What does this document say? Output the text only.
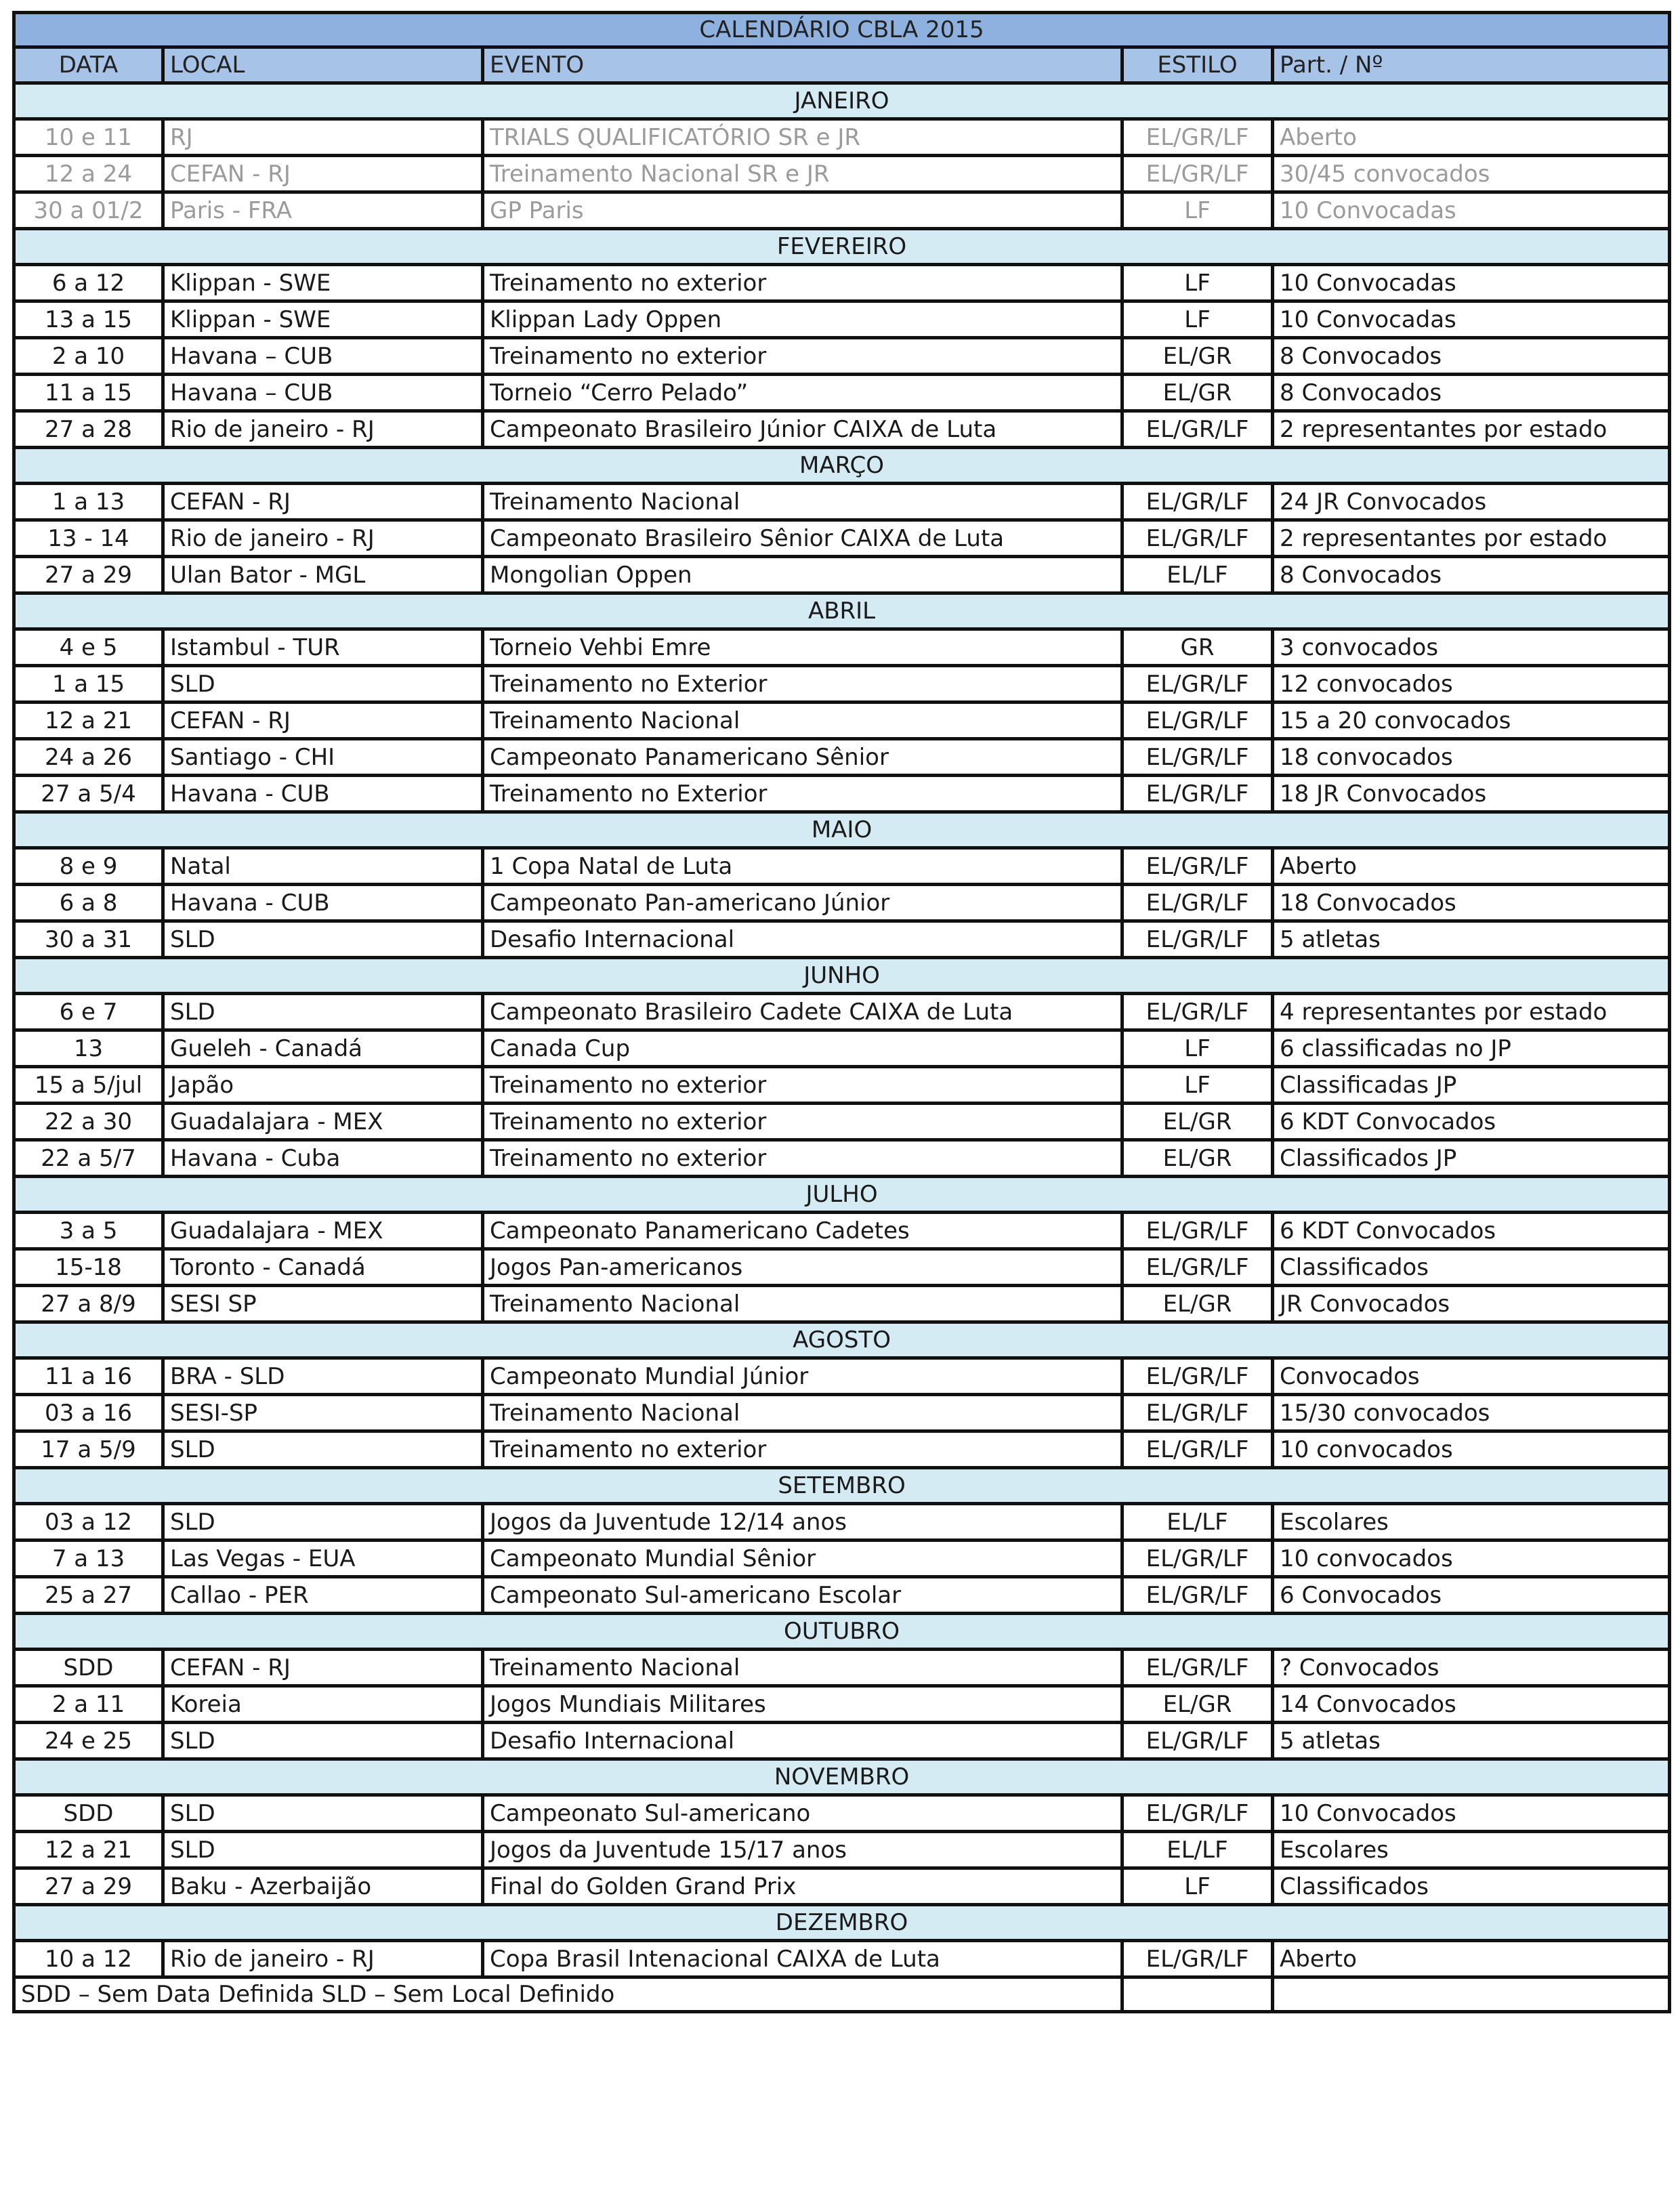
CALENDÁRIO CBLA 2015				
DATA	LOCAL	EVENTO	ESTILO	Part. / Nº
JANEIRO				
10 e 11	RJ	TRIALS QUALIFICATÓRIO SR e JR	EL/GR/LF	Aberto
12 a 24	CEFAN - RJ	Treinamento Nacional SR e JR	EL/GR/LF	30/45 convocados
30 a 01/2	Paris - FRA	GP Paris	LF	10 Convocadas
FEVEREIRO				
6 a 12	Klippan - SWE	Treinamento no exterior	LF	10 Convocadas
13 a 15	Klippan - SWE	Klippan Lady Oppen	LF	10 Convocadas
2 a 10	Havana – CUB	Treinamento no exterior	EL/GR	8 Convocados
11 a 15	Havana – CUB	Torneio “Cerro Pelado”	EL/GR	8 Convocados
27 a 28	Rio de janeiro - RJ	Campeonato Brasileiro Júnior CAIXA de Luta	EL/GR/LF	2 representantes por estado
MARÇO				
1 a 13	CEFAN - RJ	Treinamento Nacional	EL/GR/LF	24 JR Convocados
13 - 14	Rio de janeiro - RJ	Campeonato Brasileiro Sênior CAIXA de Luta	EL/GR/LF	2 representantes por estado
27 a 29	Ulan Bator - MGL	Mongolian Oppen	EL/LF	8 Convocados
ABRIL				
4 e 5	Istambul - TUR	Torneio Vehbi Emre	GR	3 convocados
1 a 15	SLD	Treinamento no Exterior	EL/GR/LF	12 convocados
12 a 21	CEFAN - RJ	Treinamento Nacional	EL/GR/LF	15 a 20 convocados
24 a 26	Santiago - CHI	Campeonato Panamericano Sênior	EL/GR/LF	18 convocados
27 a 5/4	Havana - CUB	Treinamento no Exterior	EL/GR/LF	18 JR Convocados
MAIO				
8 e 9	Natal	1 Copa Natal de Luta	EL/GR/LF	Aberto
6 a 8	Havana - CUB	Campeonato Pan-americano Júnior	EL/GR/LF	18 Convocados
30 a 31	SLD	Desafio Internacional	EL/GR/LF	5 atletas
JUNHO				
6 e 7	SLD	Campeonato Brasileiro Cadete CAIXA de Luta	EL/GR/LF	4 representantes por estado
13	Gueleh - Canadá	Canada Cup	LF	6 classificadas no JP
15 a 5/jul	Japão	Treinamento no exterior	LF	Classificadas JP
22 a 30	Guadalajara - MEX	Treinamento no exterior	EL/GR	6 KDT Convocados
22 a 5/7	Havana - Cuba	Treinamento no exterior	EL/GR	Classificados JP
JULHO				
3 a 5	Guadalajara - MEX	Campeonato Panamericano Cadetes	EL/GR/LF	6 KDT Convocados
15-18	Toronto - Canadá	Jogos Pan-americanos	EL/GR/LF	Classificados
27 a 8/9	SESI SP	Treinamento Nacional	EL/GR	JR Convocados
AGOSTO				
11 a 16	BRA - SLD	Campeonato Mundial Júnior	EL/GR/LF	Convocados
03 a 16	SESI-SP	Treinamento Nacional	EL/GR/LF	15/30 convocados
17 a 5/9	SLD	Treinamento no exterior	EL/GR/LF	10 convocados
SETEMBRO				
03 a 12	SLD	Jogos da Juventude 12/14 anos	EL/LF	Escolares
7 a 13	Las Vegas - EUA	Campeonato Mundial Sênior	EL/GR/LF	10 convocados
25 a 27	Callao - PER	Campeonato Sul-americano Escolar	EL/GR/LF	6 Convocados
OUTUBRO				
SDD	CEFAN - RJ	Treinamento Nacional	EL/GR/LF	? Convocados
2 a 11	Koreia	Jogos Mundiais Militares	EL/GR	14 Convocados
24 e 25	SLD	Desafio Internacional	EL/GR/LF	5 atletas
NOVEMBRO				
SDD	SLD	Campeonato Sul-americano	EL/GR/LF	10 Convocados
12 a 21	SLD	Jogos da Juventude 15/17 anos	EL/LF	Escolares
27 a 29	Baku - Azerbaijão	Final do Golden Grand Prix	LF	Classificados
DEZEMBRO				
10 a 12	Rio de janeiro - RJ	Copa Brasil Intenacional CAIXA de Luta	EL/GR/LF	Aberto
SDD – Sem Data Definida SLD – Sem Local Definido				
